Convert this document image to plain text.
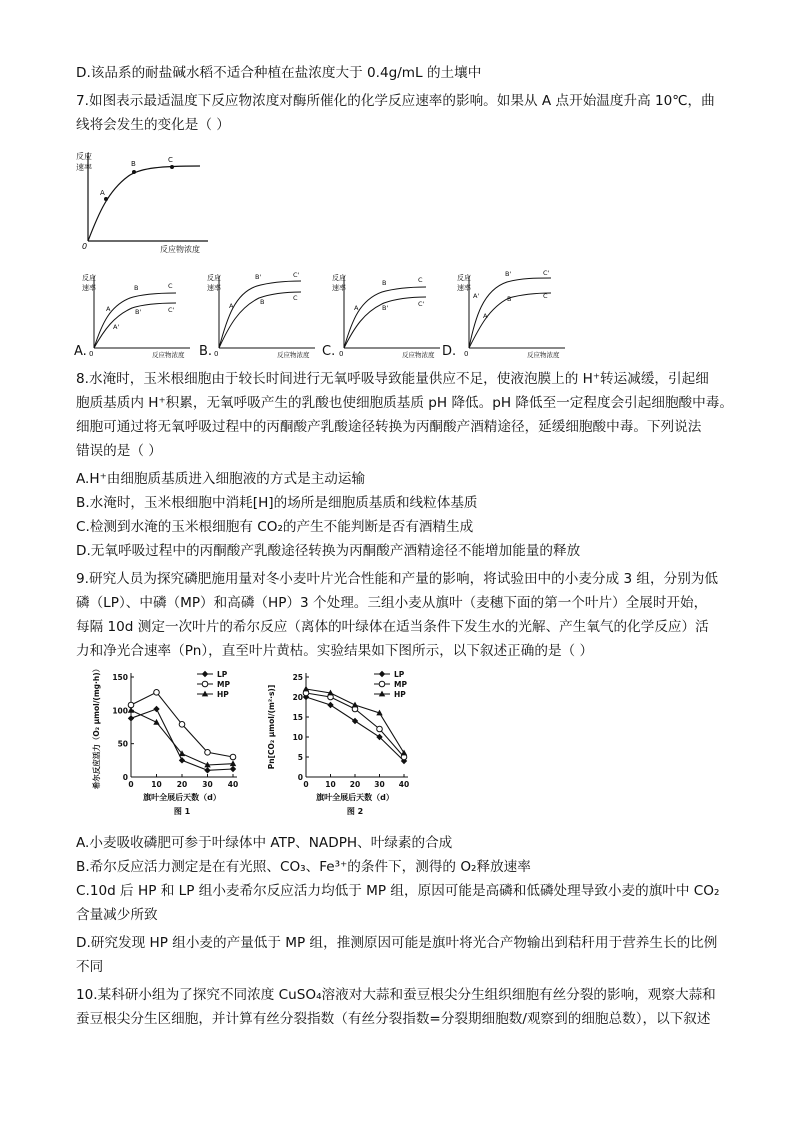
D.该品系的耐盐碱水稻不适合种植在盐浓度大于 0.4g/mL 的土壤中
7.如图表示最适温度下反应物浓度对酶所催化的化学反应速率的影响。如果从 A 点开始温度升高 10℃，曲
线将会发生的变化是（ ）
反应
速率
反应物浓度
0
A
B	C
反应
速率
反应物浓度
0
A
B	C
A'
B'	C'
A.
反应
速率
反应物浓度
0
A
B'	C'
B	C
B.
反应
速率
反应物浓度
0
A
B	C
B'	C'
C.
反应
速率
反应物浓度
0
A'
B'	C'
A
B	C
D.
8.水淹时，玉米根细胞由于较长时间进行无氧呼吸导致能量供应不足，使液泡膜上的 H⁺转运减缓，引起细
胞质基质内 H⁺积累，无氧呼吸产生的乳酸也使细胞质基质 pH 降低。pH 降低至一定程度会引起细胞酸中毒。
细胞可通过将无氧呼吸过程中的丙酮酸产乳酸途径转换为丙酮酸产酒精途径，延缓细胞酸中毒。下列说法
错误的是（ ）
A.H⁺由细胞质基质进入细胞液的方式是主动运输
B.水淹时，玉米根细胞中消耗[H]的场所是细胞质基质和线粒体基质
C.检测到水淹的玉米根细胞有 CO₂的产生不能判断是否有酒精生成
D.无氧呼吸过程中的丙酮酸产乳酸途径转换为丙酮酸产酒精途径不能增加能量的释放
9.研究人员为探究磷肥施用量对冬小麦叶片光合性能和产量的影响，将试验田中的小麦分成 3 组，分别为低
磷（LP）、中磷（MP）和高磷（HP）3 个处理。三组小麦从旗叶（麦穗下面的第一个叶片）全展时开始，
每隔 10d 测定一次叶片的希尔反应（离体的叶绿体在适当条件下发生水的光解、产生氧气的化学反应）活
力和净光合速率（Pn），直至叶片黄枯。实验结果如下图所示，以下叙述正确的是（ ）
0
50
100
150
0 10 20 30 40
LP
MP
HP
旗叶全展后天数（d）
图 1
希尔反应活力（O₂ μmol/(mg·h)）	0
5
10
15
20
25
0 10 20 30 40
LP
MP
HP
旗叶全展后天数（d）
图 2
Pn[CO₂ μmol/(m²·s)]
A.小麦吸收磷肥可参于叶绿体中 ATP、NADPH、叶绿素的合成
B.希尔反应活力测定是在有光照、CO₃、Fe³⁺的条件下，测得的 O₂释放速率
C.10d 后 HP 和 LP 组小麦希尔反应活力均低于 MP 组，原因可能是高磷和低磷处理导致小麦的旗叶中 CO₂
含量减少所致
D.研究发现 HP 组小麦的产量低于 MP 组，推测原因可能是旗叶将光合产物输出到秸秆用于营养生长的比例
不同
10.某科研小组为了探究不同浓度 CuSO₄溶液对大蒜和蚕豆根尖分生组织细胞有丝分裂的影响，观察大蒜和
蚕豆根尖分生区细胞，并计算有丝分裂指数（有丝分裂指数=分裂期细胞数/观察到的细胞总数），以下叙述
